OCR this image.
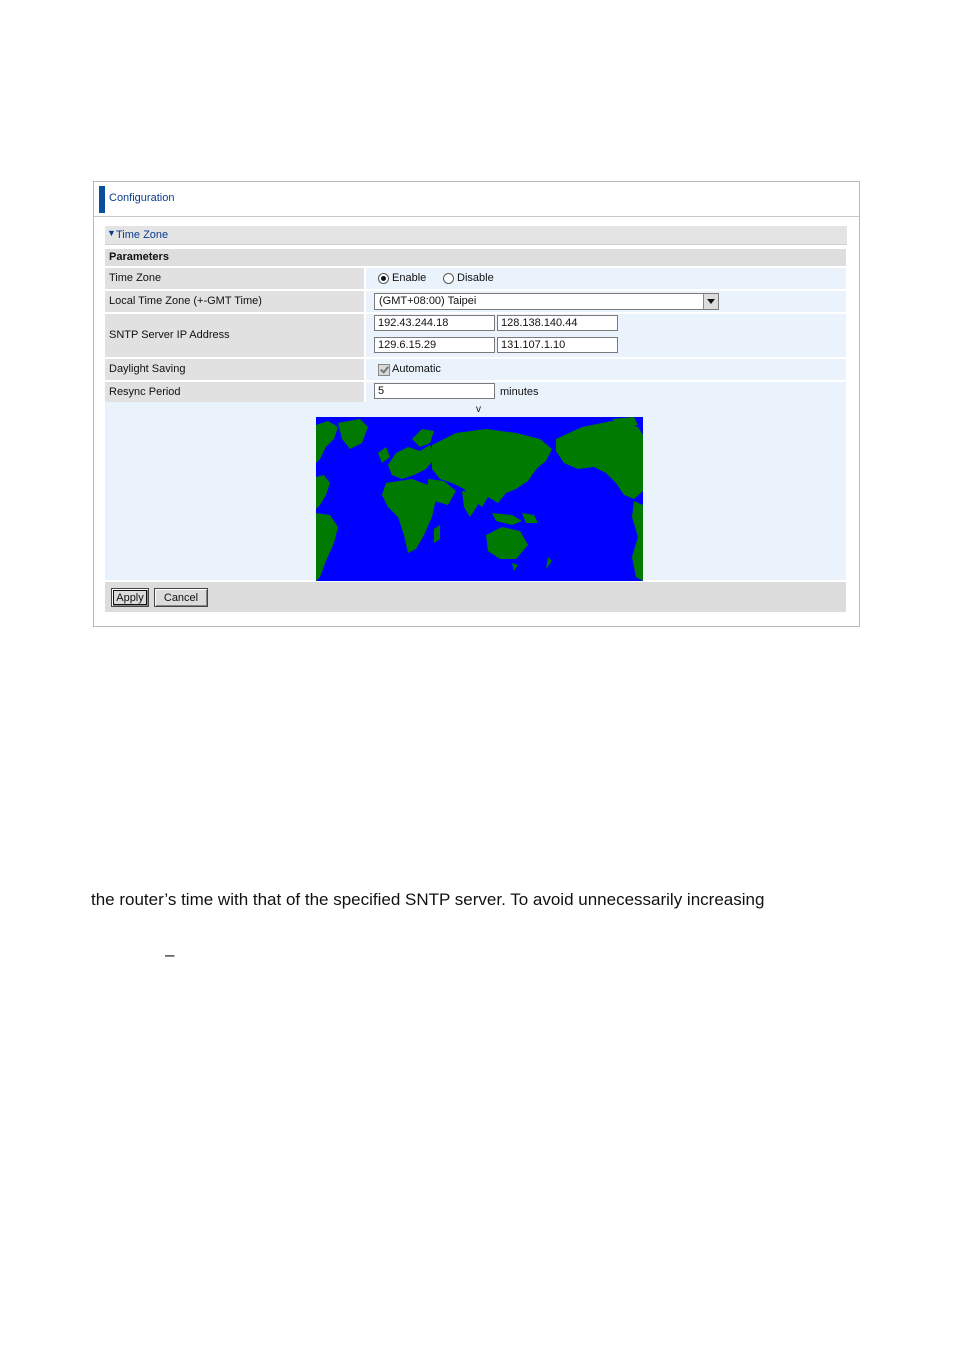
Configuration
▼ Time Zone
Parameters
Time Zone	Enable	Disable
Local Time Zone (+-GMT Time)	(GMT+08:00) Taipei
SNTP Server IP Address
192.43.244.18	128.138.140.44
129.6.15.29	131.107.1.10
Daylight Saving	Automatic
Resync Period	5	minutes
v
Apply	Cancel
the router’s time with that of the specified SNTP server. To avoid unnecessarily increasing
–
